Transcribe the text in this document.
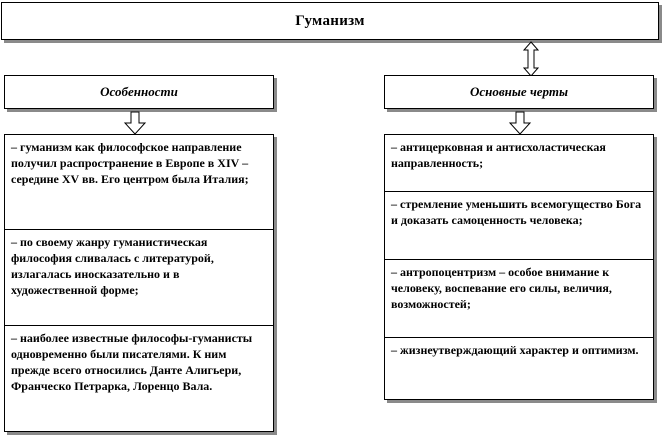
Гуманизм
Особенности	Основные черты
– гуманизм как философское направление получил распространение в Европе в XIV – середине XV вв. Его центром была Италия;
– по своему жанру гуманистическая философия сливалась с литературой, излагалась иносказательно и в художественной форме;
– наиболее известные философы-гуманисты одновременно были писателями. К ним прежде всего относились Данте Алигьери, Франческо Петрарка, Лоренцо Вала.
– антицерковная и антисхоластическая направленность;
– стремление уменьшить всемогущество Бога и доказать самоценность человека;
– антропоцентризм – особое внимание к человеку, воспевание его силы, величия, возможностей;
– жизнеутверждающий характер и оптимизм.
